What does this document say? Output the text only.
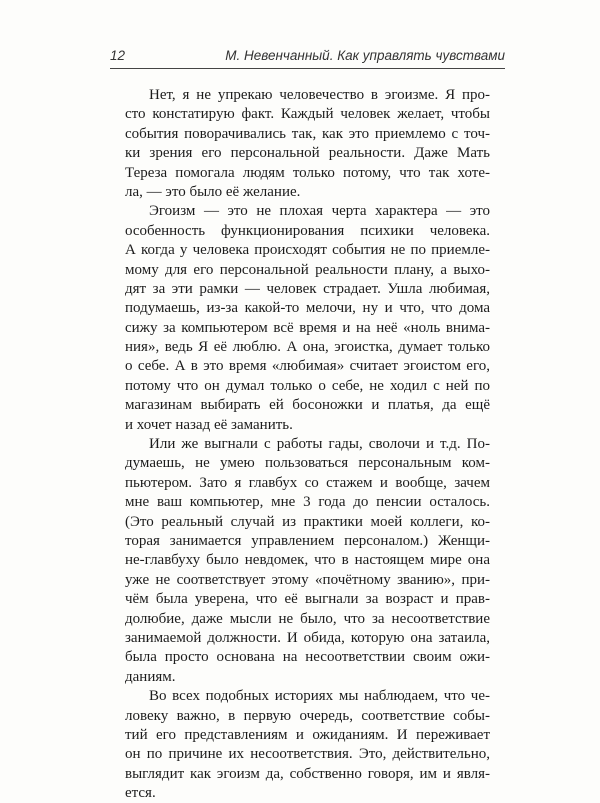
12	М. Невенчанный. Как управлять чувствами
Нет, я не упрекаю человечество в эгоизме. Я про-
сто констатирую факт. Каждый человек желает, чтобы
события поворачивались так, как это приемлемо с точ-
ки зрения его персональной реальности. Даже Мать
Тереза помогала людям только потому, что так хоте-
ла, — это было её желание.
Эгоизм — это не плохая черта характера — это
особенность функционирования психики человека.
А когда у человека происходят события не по приемле-
мому для его персональной реальности плану, а выхо-
дят за эти рамки — человек страдает. Ушла любимая,
подумаешь, из-за какой-то мелочи, ну и что, что дома
сижу за компьютером всё время и на неё «ноль внима-
ния», ведь Я её люблю. А она, эгоистка, думает только
о себе. А в это время «любимая» считает эгоистом его,
потому что он думал только о себе, не ходил с ней по
магазинам выбирать ей босоножки и платья, да ещё
и хочет назад её заманить.
Или же выгнали с работы гады, сволочи и т.д. По-
думаешь, не умею пользоваться персональным ком-
пьютером. Зато я главбух со стажем и вообще, зачем
мне ваш компьютер, мне 3 года до пенсии осталось.
(Это реальный случай из практики моей коллеги, ко-
торая занимается управлением персоналом.) Женщи-
не-главбуху было невдомек, что в настоящем мире она
уже не соответствует этому «почётному званию», при-
чём была уверена, что её выгнали за возраст и прав-
долюбие, даже мысли не было, что за несоответствие
занимаемой должности. И обида, которую она затаила,
была просто основана на несоответствии своим ожи-
даниям.
Во всех подобных историях мы наблюдаем, что че-
ловеку важно, в первую очередь, соответствие собы-
тий его представлениям и ожиданиям. И переживает
он по причине их несоответствия. Это, действительно,
выглядит как эгоизм да, собственно говоря, им и явля-
ется.
